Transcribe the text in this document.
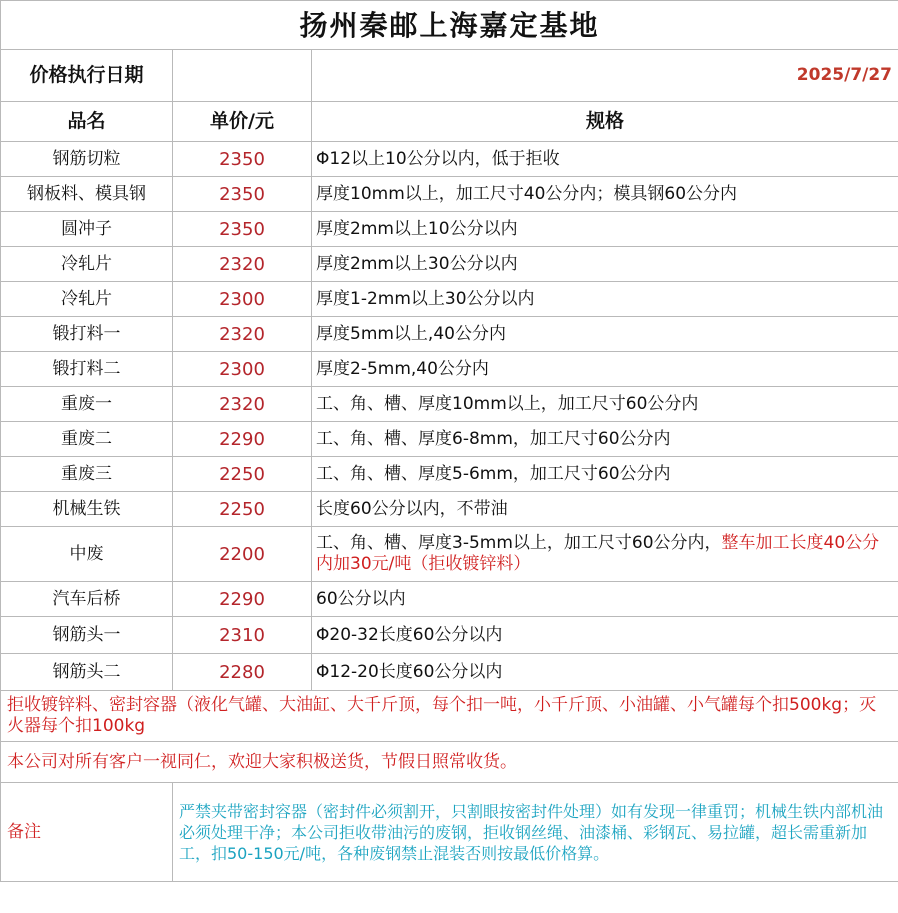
扬州秦邮上海嘉定基地		
价格执行日期		2025/7/27
品名	单价/元	规格
钢筋切粒	2350	Φ12以上10公分以内，低于拒收
钢板料、模具钢	2350	厚度10mm以上，加工尺寸40公分内；模具钢60公分内
圆冲子	2350	厚度2mm以上10公分以内
冷轧片	2320	厚度2mm以上30公分以内
冷轧片	2300	厚度1-2mm以上30公分以内
锻打料一	2320	厚度5mm以上,40公分内
锻打料二	2300	厚度2-5mm,40公分内
重废一	2320	工、角、槽、厚度10mm以上，加工尺寸60公分内
重废二	2290	工、角、槽、厚度6-8mm，加工尺寸60公分内
重废三	2250	工、角、槽、厚度5-6mm，加工尺寸60公分内
机械生铁	2250	长度60公分以内，不带油
中废	2200	工、角、槽、厚度3-5mm以上，加工尺寸60公分内，整车加工长度40公分内加30元/吨（拒收镀锌料）
汽车后桥	2290	60公分以内
钢筋头一	2310	Φ20-32长度60公分以内
钢筋头二	2280	Φ12-20长度60公分以内
拒收镀锌料、密封容器（液化气罐、大油缸、大千斤顶，每个扣一吨，小千斤顶、小油罐、小气罐每个扣500kg；灭火器每个扣100kg		
本公司对所有客户一视同仁，欢迎大家积极送货，节假日照常收货。		
备注	严禁夹带密封容器（密封件必须割开，只割眼按密封件处理）如有发现一律重罚；机械生铁内部机油必须处理干净；本公司拒收带油污的废钢，拒收钢丝绳、油漆桶、彩钢瓦、易拉罐，超长需重新加工，扣50-150元/吨，各种废钢禁止混装否则按最低价格算。	
